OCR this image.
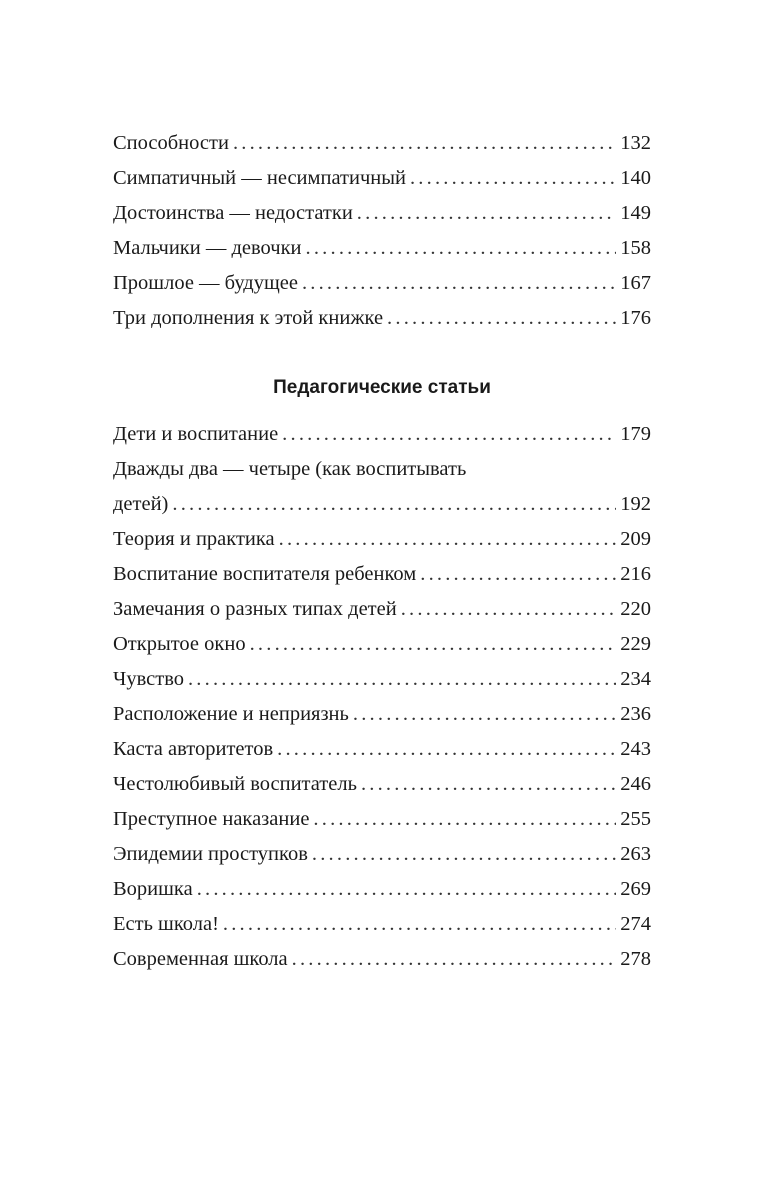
Способности .....	132
Симпатичный — несимпатичный .....	140
Достоинства — недостатки .....	149
Мальчики — девочки .....	158
Прошлое — будущее .....	167
Три дополнения к этой книжке .....	176
Педагогические статьи
Дети и воспитание .....	179
Дважды два — четыре (как воспитывать
детей) .....	192
Теория и практика .....	209
Воспитание воспитателя ребенком .....	216
Замечания о разных типах детей .....	220
Открытое окно .....	229
Чувство .....	234
Расположение и неприязнь .....	236
Каста авторитетов .....	243
Честолюбивый воспитатель .....	246
Преступное наказание .....	255
Эпидемии проступков .....	263
Воришка .....	269
Есть школа! .....	274
Современная школа .....	278
